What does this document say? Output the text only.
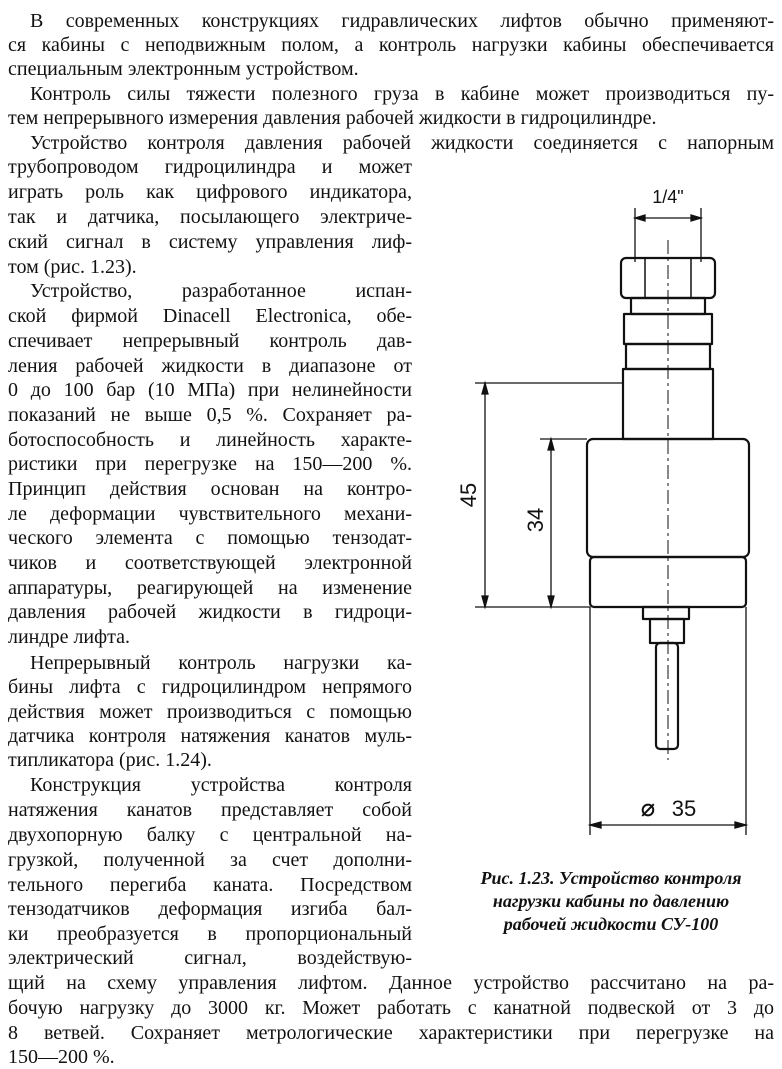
В современных конструкциях гидравлических лифтов обычно применяют-
ся кабины с неподвижным полом, а контроль нагрузки кабины обеспечивается
специальным электронным устройством.
Контроль силы тяжести полезного груза в кабине может производиться пу-
тем непрерывного измерения давления рабочей жидкости в гидроцилиндре.
Устройство контроля давления рабочей жидкости соединяется с напорным
трубопроводом гидроцилиндра и может
играть роль как цифрового индикатора,
так и датчика, посылающего электриче-
ский сигнал в систему управления лиф-
том (рис. 1.23).
Устройство, разработанное испан-
ской фирмой Dinacell Electronica, обе-
спечивает непрерывный контроль дав-
ления рабочей жидкости в диапазоне от
0 до 100 бар (10 МПа) при нелинейности
показаний не выше 0,5 %. Сохраняет ра-
ботоспособность и линейность характе-
ристики при перегрузке на 150—200 %.
Принцип действия основан на контро-
ле деформации чувствительного механи-
ческого элемента с помощью тензодат-
чиков и соответствующей электронной
аппаратуры, реагирующей на изменение
давления рабочей жидкости в гидроци-
линдре лифта.
Непрерывный контроль нагрузки ка-
бины лифта с гидроцилиндром непрямого
действия может производиться с помощью
датчика контроля натяжения канатов муль-
типликатора (рис. 1.24).
Конструкция устройства контроля
натяжения канатов представляет собой
двухопорную балку с центральной на-
грузкой, полученной за счет дополни-
тельного перегиба каната. Посредством
тензодатчиков деформация изгиба бал-
ки преобразуется в пропорциональный
электрический сигнал, воздействую-
щий на схему управления лифтом. Данное устройство рассчитано на ра-
бочую нагрузку до 3000 кг. Может работать с канатной подвеской от 3 до
8 ветвей. Сохраняет метрологические характеристики при перегрузке на
150—200 %.
1/4"
45
34
⌀ 35
Рис. 1.23. Устройство контроля
нагрузки кабины по давлению
рабочей жидкости СУ-100
